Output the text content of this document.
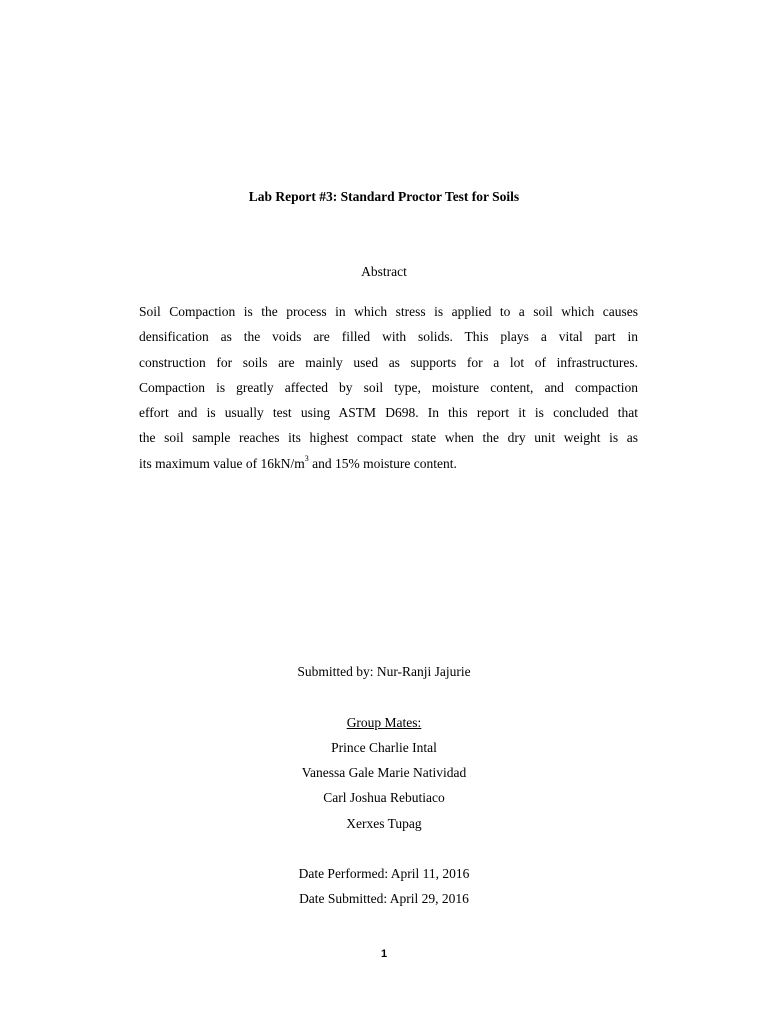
Lab Report #3: Standard Proctor Test for Soils
Abstract
Soil Compaction is the process in which stress is applied to a soil which causes
densification as the voids are filled with solids. This plays a vital part in
construction for soils are mainly used as supports for a lot of infrastructures.
Compaction is greatly affected by soil type, moisture content, and compaction
effort and is usually test using ASTM D698. In this report it is concluded that
the soil sample reaches its highest compact state when the dry unit weight is as
its maximum value of $16kN/m^3$ and 15% moisture content.
Submitted by: Nur-Ranji Jajurie
Group Mates:
Prince Charlie Intal
Vanessa Gale Marie Natividad
Carl Joshua Rebutiaco
Xerxes Tupag
Date Performed: April 11, 2016
Date Submitted: April 29, 2016
1
